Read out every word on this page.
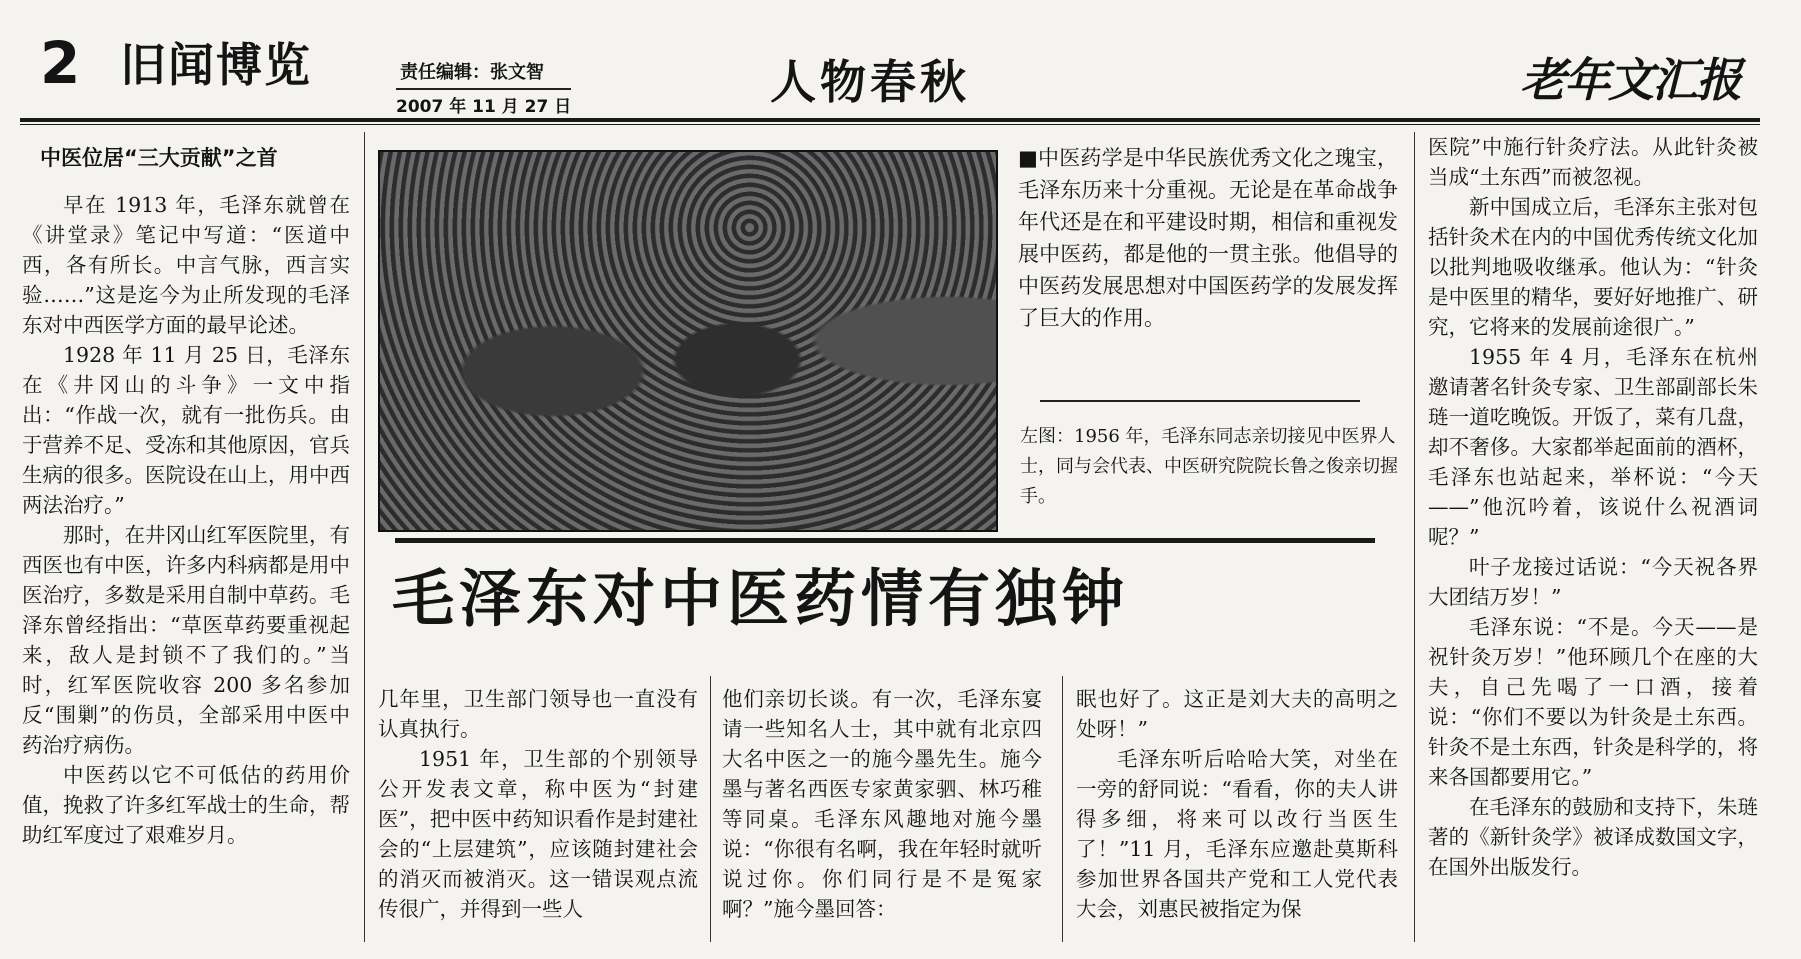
2 旧闻博览	责任编辑：张文智
2007 年 11 月 27 日	人物春秋	老年文汇报

中医位居“三大贡献”之首

早在 1913 年，毛泽东就曾在《讲堂录》笔记中写道：“医道中西，各有所长。中言气脉，西言实验……”这是迄今为止所发现的毛泽东对中西医学方面的最早论述。

1928 年 11 月 25 日，毛泽东在《井冈山的斗争》一文中指出：“作战一次，就有一批伤兵。由于营养不足、受冻和其他原因，官兵生病的很多。医院设在山上，用中西两法治疗。”

那时，在井冈山红军医院里，有西医也有中医，许多内科病都是用中医治疗，多数是采用自制中草药。毛泽东曾经指出：“草医草药要重视起来，敌人是封锁不了我们的。”当时，红军医院收容 200 多名参加反“围剿”的伤员，全部采用中医中药治疗病伤。

中医药以它不可低估的药用价值，挽救了许多红军战士的生命，帮助红军度过了艰难岁月。

■中医药学是中华民族优秀文化之瑰宝，毛泽东历来十分重视。无论是在革命战争年代还是在和平建设时期，相信和重视发展中医药，都是他的一贯主张。他倡导的中医药发展思想对中国医药学的发展发挥了巨大的作用。
左图：1956 年，毛泽东同志亲切接见中医界人士，同与会代表、中医研究院院长鲁之俊亲切握手。
毛泽东对中医药情有独钟

几年里，卫生部门领导也一直没有认真执行。

1951 年，卫生部的个别领导公开发表文章，称中医为“封建医”，把中医中药知识看作是封建社会的“上层建筑”，应该随封建社会的消灭而被消灭。这一错误观点流传很广，并得到一些人

他们亲切长谈。有一次，毛泽东宴请一些知名人士，其中就有北京四大名中医之一的施今墨先生。施今墨与著名西医专家黄家驷、林巧稚等同桌。毛泽东风趣地对施今墨说：“你很有名啊，我在年轻时就听说过你。你们同行是不是冤家啊？”施今墨回答：

眠也好了。这正是刘大夫的高明之处呀！”

毛泽东听后哈哈大笑，对坐在一旁的舒同说：“看看，你的夫人讲得多细，将来可以改行当医生了！”11 月，毛泽东应邀赴莫斯科参加世界各国共产党和工人党代表大会，刘惠民被指定为保

医院”中施行针灸疗法。从此针灸被当成“土东西”而被忽视。

新中国成立后，毛泽东主张对包括针灸术在内的中国优秀传统文化加以批判地吸收继承。他认为：“针灸是中医里的精华，要好好地推广、研究，它将来的发展前途很广。”

1955 年 4 月，毛泽东在杭州邀请著名针灸专家、卫生部副部长朱琏一道吃晚饭。开饭了，菜有几盘，却不奢侈。大家都举起面前的酒杯，毛泽东也站起来，举杯说：“今天——”他沉吟着，该说什么祝酒词呢？”

叶子龙接过话说：“今天祝各界大团结万岁！”

毛泽东说：“不是。今天——是祝针灸万岁！”他环顾几个在座的大夫，自己先喝了一口酒，接着说：“你们不要以为针灸是土东西。针灸不是土东西，针灸是科学的，将来各国都要用它。”

在毛泽东的鼓励和支持下，朱琏著的《新针灸学》被译成数国文字，在国外出版发行。
